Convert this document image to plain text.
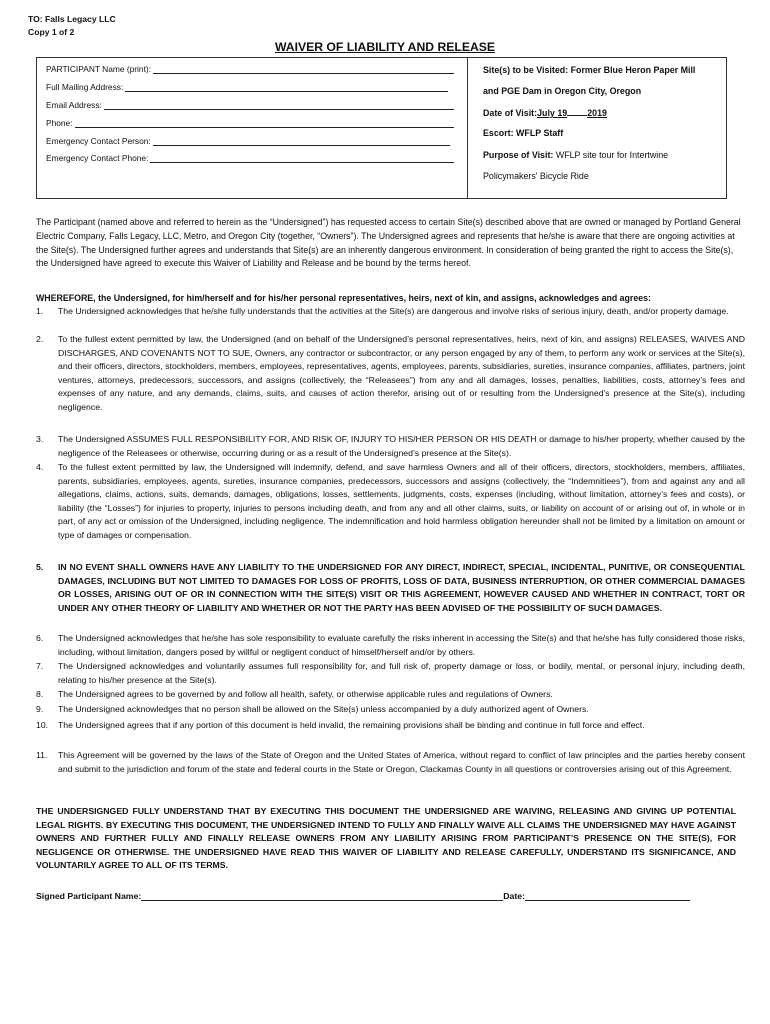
TO: Falls Legacy LLC
Copy 1 of 2
WAIVER OF LIABILITY AND RELEASE
PARTICIPANT Name (print):
Full Mailing Address:
Email Address:
Phone:
Emergency Contact Person:
Emergency Contact Phone:
Site(s) to be Visited: Former Blue Heron Paper Mill
and PGE Dam in Oregon City, Oregon
Date of Visit:July 19 2019
Escort: WFLP Staff
Purpose of Visit: WFLP site tour for Intertwine
Policymakers' Bicycle Ride
The Participant (named above and referred to herein as the “Undersigned”) has requested access to certain Site(s) described above that are owned or managed by Portland General Electric Company, Falls Legacy, LLC, Metro, and Oregon City (together, “Owners”). The Undersigned agrees and represents that he/she is aware that there are ongoing activities at the Site(s). The Undersigned further agrees and understands that Site(s) are an inherently dangerous environment. In consideration of being granted the right to access the Site(s), the Undersigned have agreed to execute this Waiver of Liability and Release and be bound by the terms hereof.
WHEREFORE, the Undersigned, for him/herself and for his/her personal representatives, heirs, next of kin, and assigns, acknowledges and agrees:
1.	The Undersigned acknowledges that he/she fully understands that the activities at the Site(s) are dangerous and involve risks of serious injury, death, and/or property damage.
2.	To the fullest extent permitted by law, the Undersigned (and on behalf of the Undersigned’s personal representatives, heirs, next of kin, and assigns) RELEASES, WAIVES AND DISCHARGES, AND COVENANTS NOT TO SUE, Owners, any contractor or subcontractor, or any person engaged by any of them, to perform any work or services at the Site(s), and their officers, directors, stockholders, members, employees, representatives, agents, employees, parents, subsidiaries, sureties, insurance companies, affiliates, partners, joint ventures, attorneys, predecessors, successors, and assigns (collectively, the “Releasees”) from any and all damages, losses, penalties, liabilities, costs, attorney’s fees and expenses of any nature, and any demands, claims, suits, and causes of action therefor, arising out of or resulting from the Undersigned’s presence at the Site(s), including negligence.
3.	The Undersigned ASSUMES FULL RESPONSIBILITY FOR, AND RISK OF, INJURY TO HIS/HER PERSON OR HIS DEATH or damage to his/her property, whether caused by the negligence of the Releasees or otherwise, occurring during or as a result of the Undersigned’s presence at the Site(s).
4.	To the fullest extent permitted by law, the Undersigned will indemnify, defend, and save harmless Owners and all of their officers, directors, stockholders, members, affiliates, parents, subsidiaries, employees, agents, sureties, insurance companies, predecessors, successors and assigns (collectively, the “Indemnitiees”), from and against any and all allegations, claims, actions, suits, demands, damages, obligations, losses, settlements, judgments, costs, expenses (including, without limitation, attorney’s fees and costs), or liability (the “Losses”) for injuries to property, injuries to persons including death, and from any and all other claims, suits, or liability on account of or arising out of, in whole or in part, of any act or omission of the Undersigned, including negligence. The indemnification and hold harmless obligation hereunder shall not be limited by a limitation on amount or type of damages or compensation.
5.	IN NO EVENT SHALL OWNERS HAVE ANY LIABILITY TO THE UNDERSIGNED FOR ANY DIRECT, INDIRECT, SPECIAL, INCIDENTAL, PUNITIVE, OR CONSEQUENTIAL DAMAGES, INCLUDING BUT NOT LIMITED TO DAMAGES FOR LOSS OF PROFITS, LOSS OF DATA, BUSINESS INTERRUPTION, OR OTHER COMMERCIAL DAMAGES OR LOSSES, ARISING OUT OF OR IN CONNECTION WITH THE SITE(S) VISIT OR THIS AGREEMENT, HOWEVER CAUSED AND WHETHER IN CONTRACT, TORT OR UNDER ANY OTHER THEORY OF LIABILITY AND WHETHER OR NOT THE PARTY HAS BEEN ADVISED OF THE POSSIBILITY OF SUCH DAMAGES.
6.	The Undersigned acknowledges that he/she has sole responsibility to evaluate carefully the risks inherent in accessing the Site(s) and that he/she has fully considered those risks, including, without limitation, dangers posed by willful or negligent conduct of himself/herself and/or by others.
7.	The Undersigned acknowledges and voluntarily assumes full responsibility for, and full risk of, property damage or loss, or bodily, mental, or personal injury, including death, relating to his/her presence at the Site(s).
8.	The Undersigned agrees to be governed by and follow all health, safety, or otherwise applicable rules and regulations of Owners.
9.	The Undersigned acknowledges that no person shall be allowed on the Site(s) unless accompanied by a duly authorized agent of Owners.
10.	The Undersigned agrees that if any portion of this document is held invalid, the remaining provisions shall be binding and continue in full force and effect.
11.	This Agreement will be governed by the laws of the State of Oregon and the United States of America, without regard to conflict of law principles and the parties hereby consent and submit to the jurisdiction and forum of the state and federal courts in the State or Oregon, Clackamas County in all questions or controversies arising out of this Agreement.
THE UNDERSIGNGED FULLY UNDERSTAND THAT BY EXECUTING THIS DOCUMENT THE UNDERSIGNED ARE WAIVING, RELEASING AND GIVING UP POTENTIAL LEGAL RIGHTS. BY EXECUTING THIS DOCUMENT, THE UNDERSIGNED INTEND TO FULLY AND FINALLY WAIVE ALL CLAIMS THE UNDERSIGNED MAY HAVE AGAINST OWNERS AND FURTHER FULLY AND FINALLY RELEASE OWNERS FROM ANY LIABILITY ARISING FROM PARTICIPANT’S PRESENCE ON THE SITE(S), FOR NEGLIGENCE OR OTHERWISE. THE UNDERSIGNED HAVE READ THIS WAIVER OF LIABILITY AND RELEASE CAREFULLY, UNDERSTAND ITS SIGNIFICANCE, AND VOLUNTARILY AGREE TO ALL OF ITS TERMS.
Signed Participant Name:	Date:
